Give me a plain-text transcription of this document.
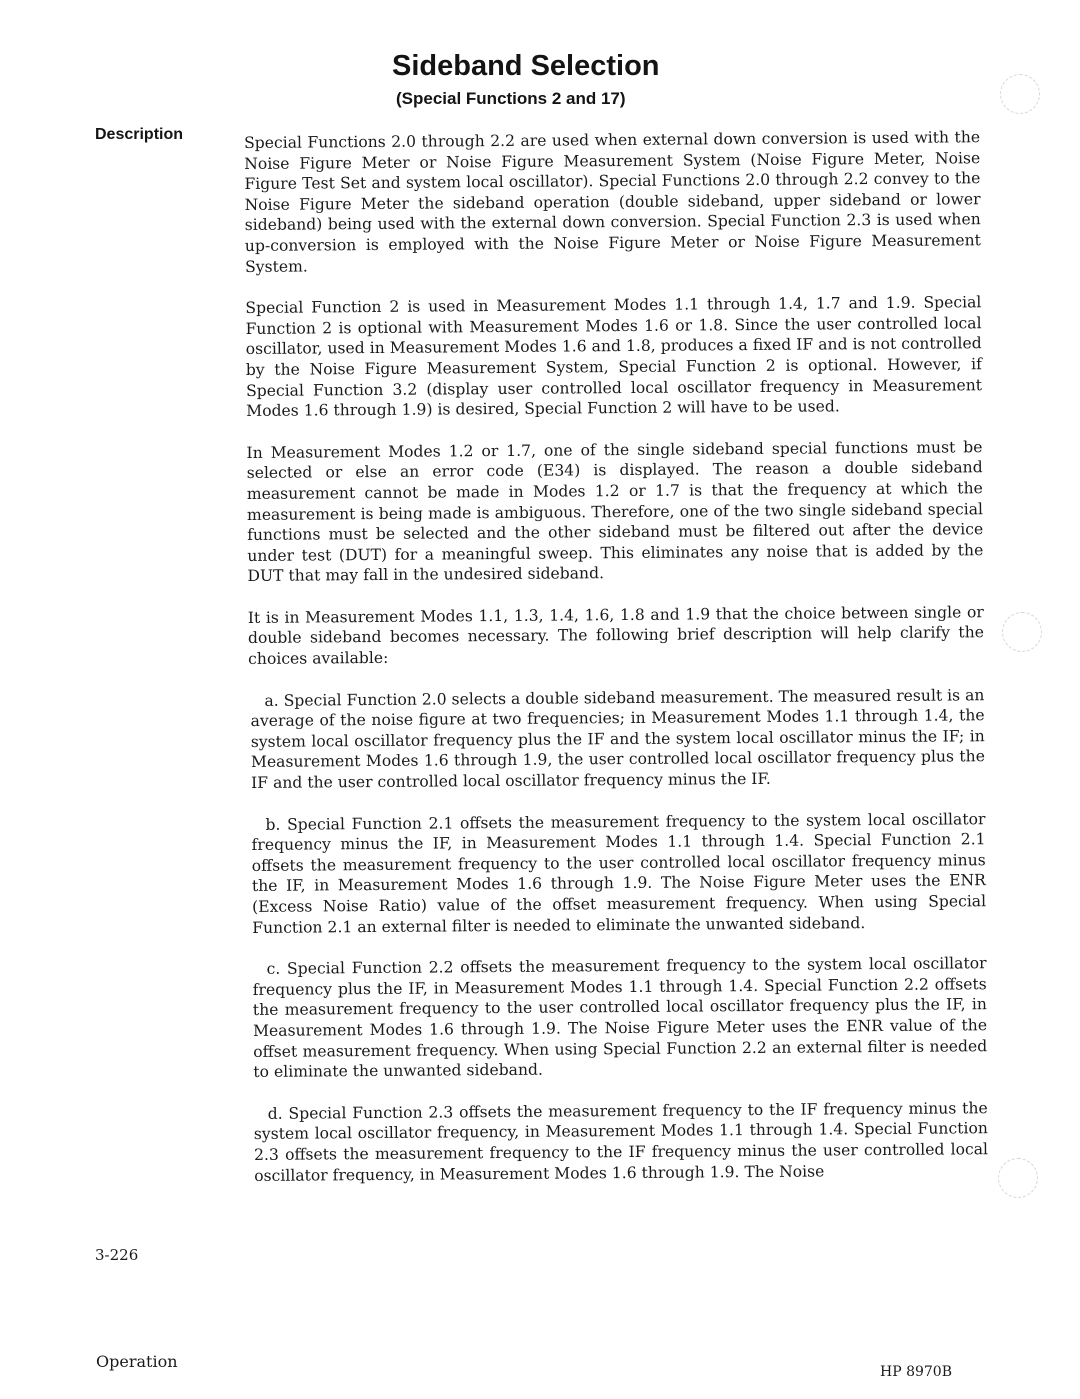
Sideband Selection
(Special Functions 2 and 17)
Description	Special Functions 2.0 through 2.2 are used when external down conversion is used with the Noise Figure Meter or Noise Figure Measurement System (Noise Figure Meter, Noise Figure Test Set and system local oscillator). Special Functions 2.0 through 2.2 convey to the Noise Figure Meter the sideband operation (double sideband, upper sideband or lower sideband) being used with the external down conversion. Special Function 2.3 is used when up-conversion is employed with the Noise Figure Meter or Noise Figure Measurement System.

Special Function 2 is used in Measurement Modes 1.1 through 1.4, 1.7 and 1.9. Special Function 2 is optional with Measurement Modes 1.6 or 1.8. Since the user controlled local oscillator, used in Measurement Modes 1.6 and 1.8, produces a fixed IF and is not controlled by the Noise Figure Measurement System, Special Function 2 is optional. However, if Special Function 3.2 (display user controlled local oscillator frequency in Measurement Modes 1.6 through 1.9) is desired, Special Function 2 will have to be used.

In Measurement Modes 1.2 or 1.7, one of the single sideband special functions must be selected or else an error code (E34) is displayed. The reason a double sideband measurement cannot be made in Modes 1.2 or 1.7 is that the frequency at which the measurement is being made is ambiguous. Therefore, one of the two single sideband special functions must be selected and the other sideband must be filtered out after the device under test (DUT) for a meaningful sweep. This eliminates any noise that is added by the DUT that may fall in the undesired sideband.

It is in Measurement Modes 1.1, 1.3, 1.4, 1.6, 1.8 and 1.9 that the choice between single or double sideband becomes necessary. The following brief description will help clarify the choices available:

a. Special Function 2.0 selects a double sideband measurement. The measured result is an average of the noise figure at two frequencies; in Measurement Modes 1.1 through 1.4, the system local oscillator frequency plus the IF and the system local oscillator minus the IF; in Measurement Modes 1.6 through 1.9, the user controlled local oscillator frequency plus the IF and the user controlled local oscillator frequency minus the IF.

b. Special Function 2.1 offsets the measurement frequency to the system local oscillator frequency minus the IF, in Measurement Modes 1.1 through 1.4. Special Function 2.1 offsets the measurement frequency to the user controlled local oscillator frequency minus the IF, in Measurement Modes 1.6 through 1.9. The Noise Figure Meter uses the ENR (Excess Noise Ratio) value of the offset measurement frequency. When using Special Function 2.1 an external filter is needed to eliminate the unwanted sideband.

c. Special Function 2.2 offsets the measurement frequency to the system local oscillator frequency plus the IF, in Measurement Modes 1.1 through 1.4. Special Function 2.2 offsets the measurement frequency to the user controlled local oscillator frequency plus the IF, in Measurement Modes 1.6 through 1.9. The Noise Figure Meter uses the ENR value of the offset measurement frequency. When using Special Function 2.2 an external filter is needed to eliminate the unwanted sideband.

d. Special Function 2.3 offsets the measurement frequency to the IF frequency minus the system local oscillator frequency, in Measurement Modes 1.1 through 1.4. Special Function 2.3 offsets the measurement frequency to the IF frequency minus the user controlled local oscillator frequency, in Measurement Modes 1.6 through 1.9. The Noise

3-226
Operation
HP 8970B
